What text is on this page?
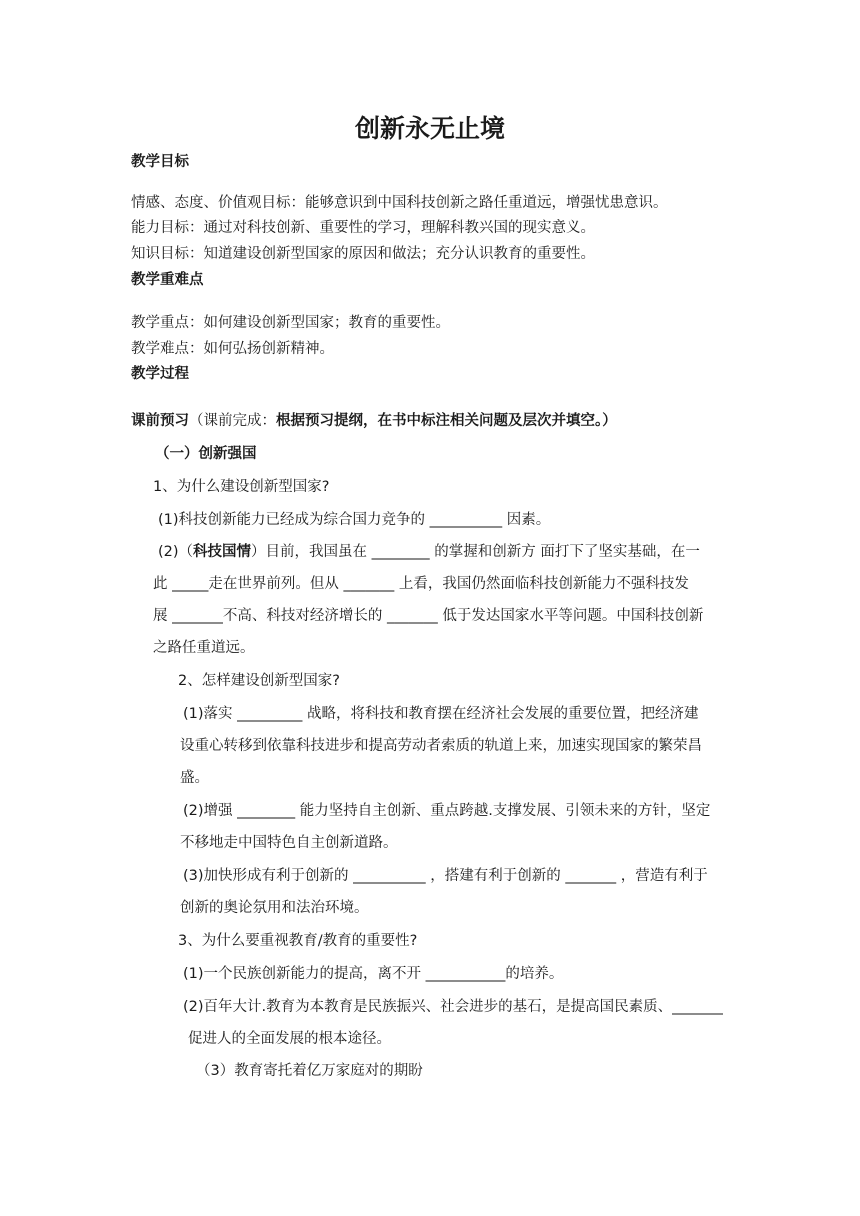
创新永无止境
教学目标
情感、态度、价值观目标：能够意识到中国科技创新之路任重道远，增强忧患意识。
能力目标：通过对科技创新、重要性的学习，理解科教兴国的现实意义。
知识目标：知道建设创新型国家的原因和做法；充分认识教育的重要性。
教学重难点
教学重点：如何建设创新型国家；教育的重要性。
教学难点：如何弘扬创新精神。
教学过程
课前预习（课前完成：根据预习提纲，在书中标注相关问题及层次并填空。）
（一）创新强国
1、为什么建设创新型国家?
(1)科技创新能力已经成为综合国力竞争的 __________ 因素。
(2)（科技国情）目前，我国虽在 ________ 的掌握和创新方 面打下了坚实基础，在一
此 _____走在世界前列。但从 _______ 上看，我国仍然面临科技创新能力不强科技发
展 _______不高、科技对经济增长的 _______ 低于发达国家水平等问题。中国科技创新
之路任重道远。
2、怎样建设创新型国家?
(1)落实 _________ 战略，将科技和教育摆在经济社会发展的重要位置，把经济建
设重心转移到依靠科技进步和提高劳动者索质的轨道上来，加速实现国家的繁荣昌
盛。
(2)增强 ________ 能力坚持自主创新、重点跨越.支撑发展、引领未来的方针，坚定
不移地走中国特色自主创新道路。
(3)加快形成有利于创新的 __________ ，搭建有利于创新的 _______ ，营造有利于
创新的奥论氛用和法治环境。
3、为什么要重视教育/教育的重要性?
(1)一个民族创新能力的提高，离不开 ___________的培养。
(2)百年大计.教育为本教育是民族振兴、社会进步的基石，是提高国民素质、_______
促进人的全面发展的根本途径。
（3）教育寄托着亿万家庭对的期盼
